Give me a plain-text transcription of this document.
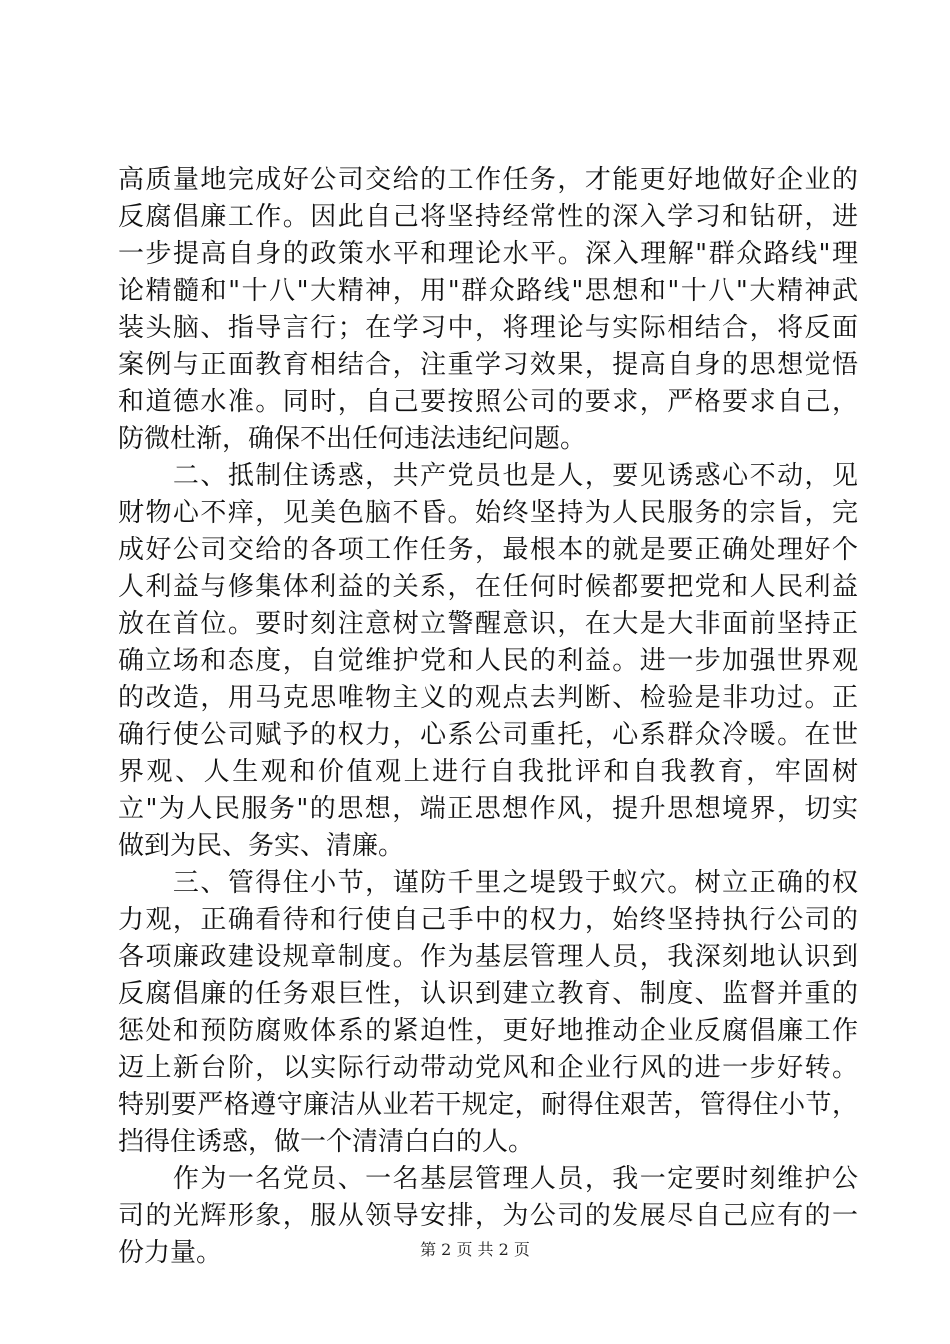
高质量地完成好公司交给的工作任务，才能更好地做好企业的
反腐倡廉工作。因此自己将坚持经常性的深入学习和钻研，进
一步提高自身的政策水平和理论水平。深入理解"群众路线"理
论精髓和"十八"大精神，用"群众路线"思想和"十八"大精神武
装头脑、指导言行；在学习中，将理论与实际相结合，将反面
案例与正面教育相结合，注重学习效果，提高自身的思想觉悟
和道德水准。同时，自己要按照公司的要求，严格要求自己，
防微杜渐，确保不出任何违法违纪问题。
　　二、抵制住诱惑，共产党员也是人，要见诱惑心不动，见
财物心不痒，见美色脑不昏。始终坚持为人民服务的宗旨，完
成好公司交给的各项工作任务，最根本的就是要正确处理好个
人利益与修集体利益的关系，在任何时候都要把党和人民利益
放在首位。要时刻注意树立警醒意识，在大是大非面前坚持正
确立场和态度，自觉维护党和人民的利益。进一步加强世界观
的改造，用马克思唯物主义的观点去判断、检验是非功过。正
确行使公司赋予的权力，心系公司重托，心系群众冷暖。在世
界观、人生观和价值观上进行自我批评和自我教育，牢固树
立"为人民服务"的思想，端正思想作风，提升思想境界，切实
做到为民、务实、清廉。
　　三、管得住小节，谨防千里之堤毁于蚁穴。树立正确的权
力观，正确看待和行使自己手中的权力，始终坚持执行公司的
各项廉政建设规章制度。作为基层管理人员，我深刻地认识到
反腐倡廉的任务艰巨性，认识到建立教育、制度、监督并重的
惩处和预防腐败体系的紧迫性，更好地推动企业反腐倡廉工作
迈上新台阶，以实际行动带动党风和企业行风的进一步好转。
特别要严格遵守廉洁从业若干规定，耐得住艰苦，管得住小节，
挡得住诱惑，做一个清清白白的人。
　　作为一名党员、一名基层管理人员，我一定要时刻维护公
司的光辉形象，服从领导安排，为公司的发展尽自己应有的一
份力量。	第 2 页 共 2 页
